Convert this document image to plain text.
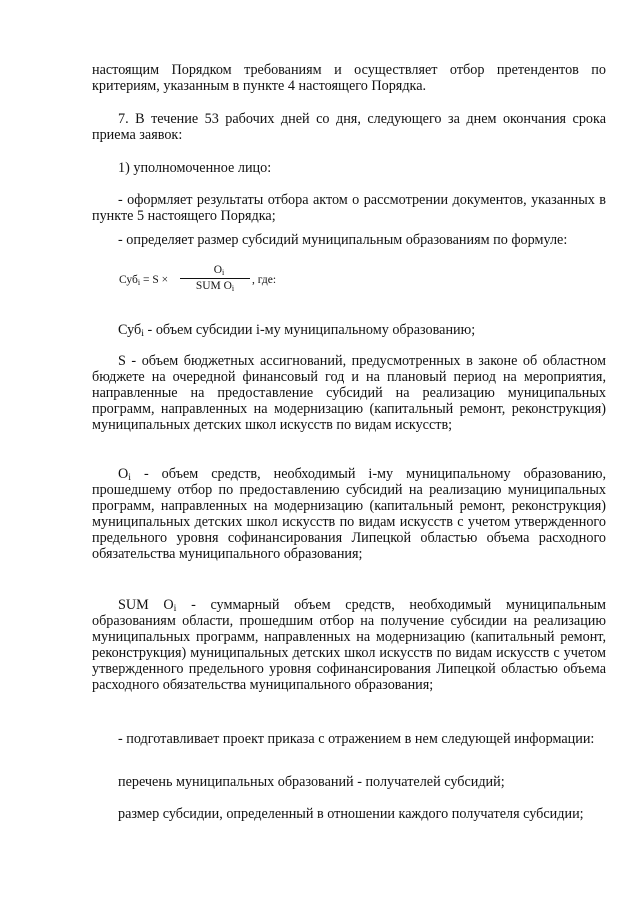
настоящим Порядком требованиям и осуществляет отбор претендентов по критериям, указанным в пункте 4 настоящего Порядка.

7. В течение 53 рабочих дней со дня, следующего за днем окончания срока приема заявок:

1) уполномоченное лицо:

- оформляет результаты отбора актом о рассмотрении документов, указанных в пункте 5 настоящего Порядка;

- определяет размер субсидий муниципальным образованиям по формуле:

Суб$_i$ = S ×
$O_i$
SUM $O_i$
, где:

Суб$_i$ - объем субсидии i-му муниципальному образованию;

S - объем бюджетных ассигнований, предусмотренных в законе об областном бюджете на очередной финансовый год и на плановый период на мероприятия, направленные на предоставление субсидий на реализацию муниципальных программ, направленных на модернизацию (капитальный ремонт, реконструкция) муниципальных детских школ искусств по видам искусств;

$O_i$ - объем средств, необходимый i-му муниципальному образованию, прошедшему отбор по предоставлению субсидий на реализацию муниципальных программ, направленных на модернизацию (капитальный ремонт, реконструкция) муниципальных детских школ искусств по видам искусств с учетом утвержденного предельного уровня софинансирования Липецкой областью объема расходного обязательства муниципального образования;

SUM $O_i$ - суммарный объем средств, необходимый муниципальным образованиям области, прошедшим отбор на получение субсидии на реализацию муниципальных программ, направленных на модернизацию (капитальный ремонт, реконструкция) муниципальных детских школ искусств по видам искусств с учетом утвержденного предельного уровня софинансирования Липецкой областью объема расходного обязательства муниципального образования;

- подготавливает проект приказа с отражением в нем следующей информации:

перечень муниципальных образований - получателей субсидий;

размер субсидии, определенный в отношении каждого получателя субсидии;
